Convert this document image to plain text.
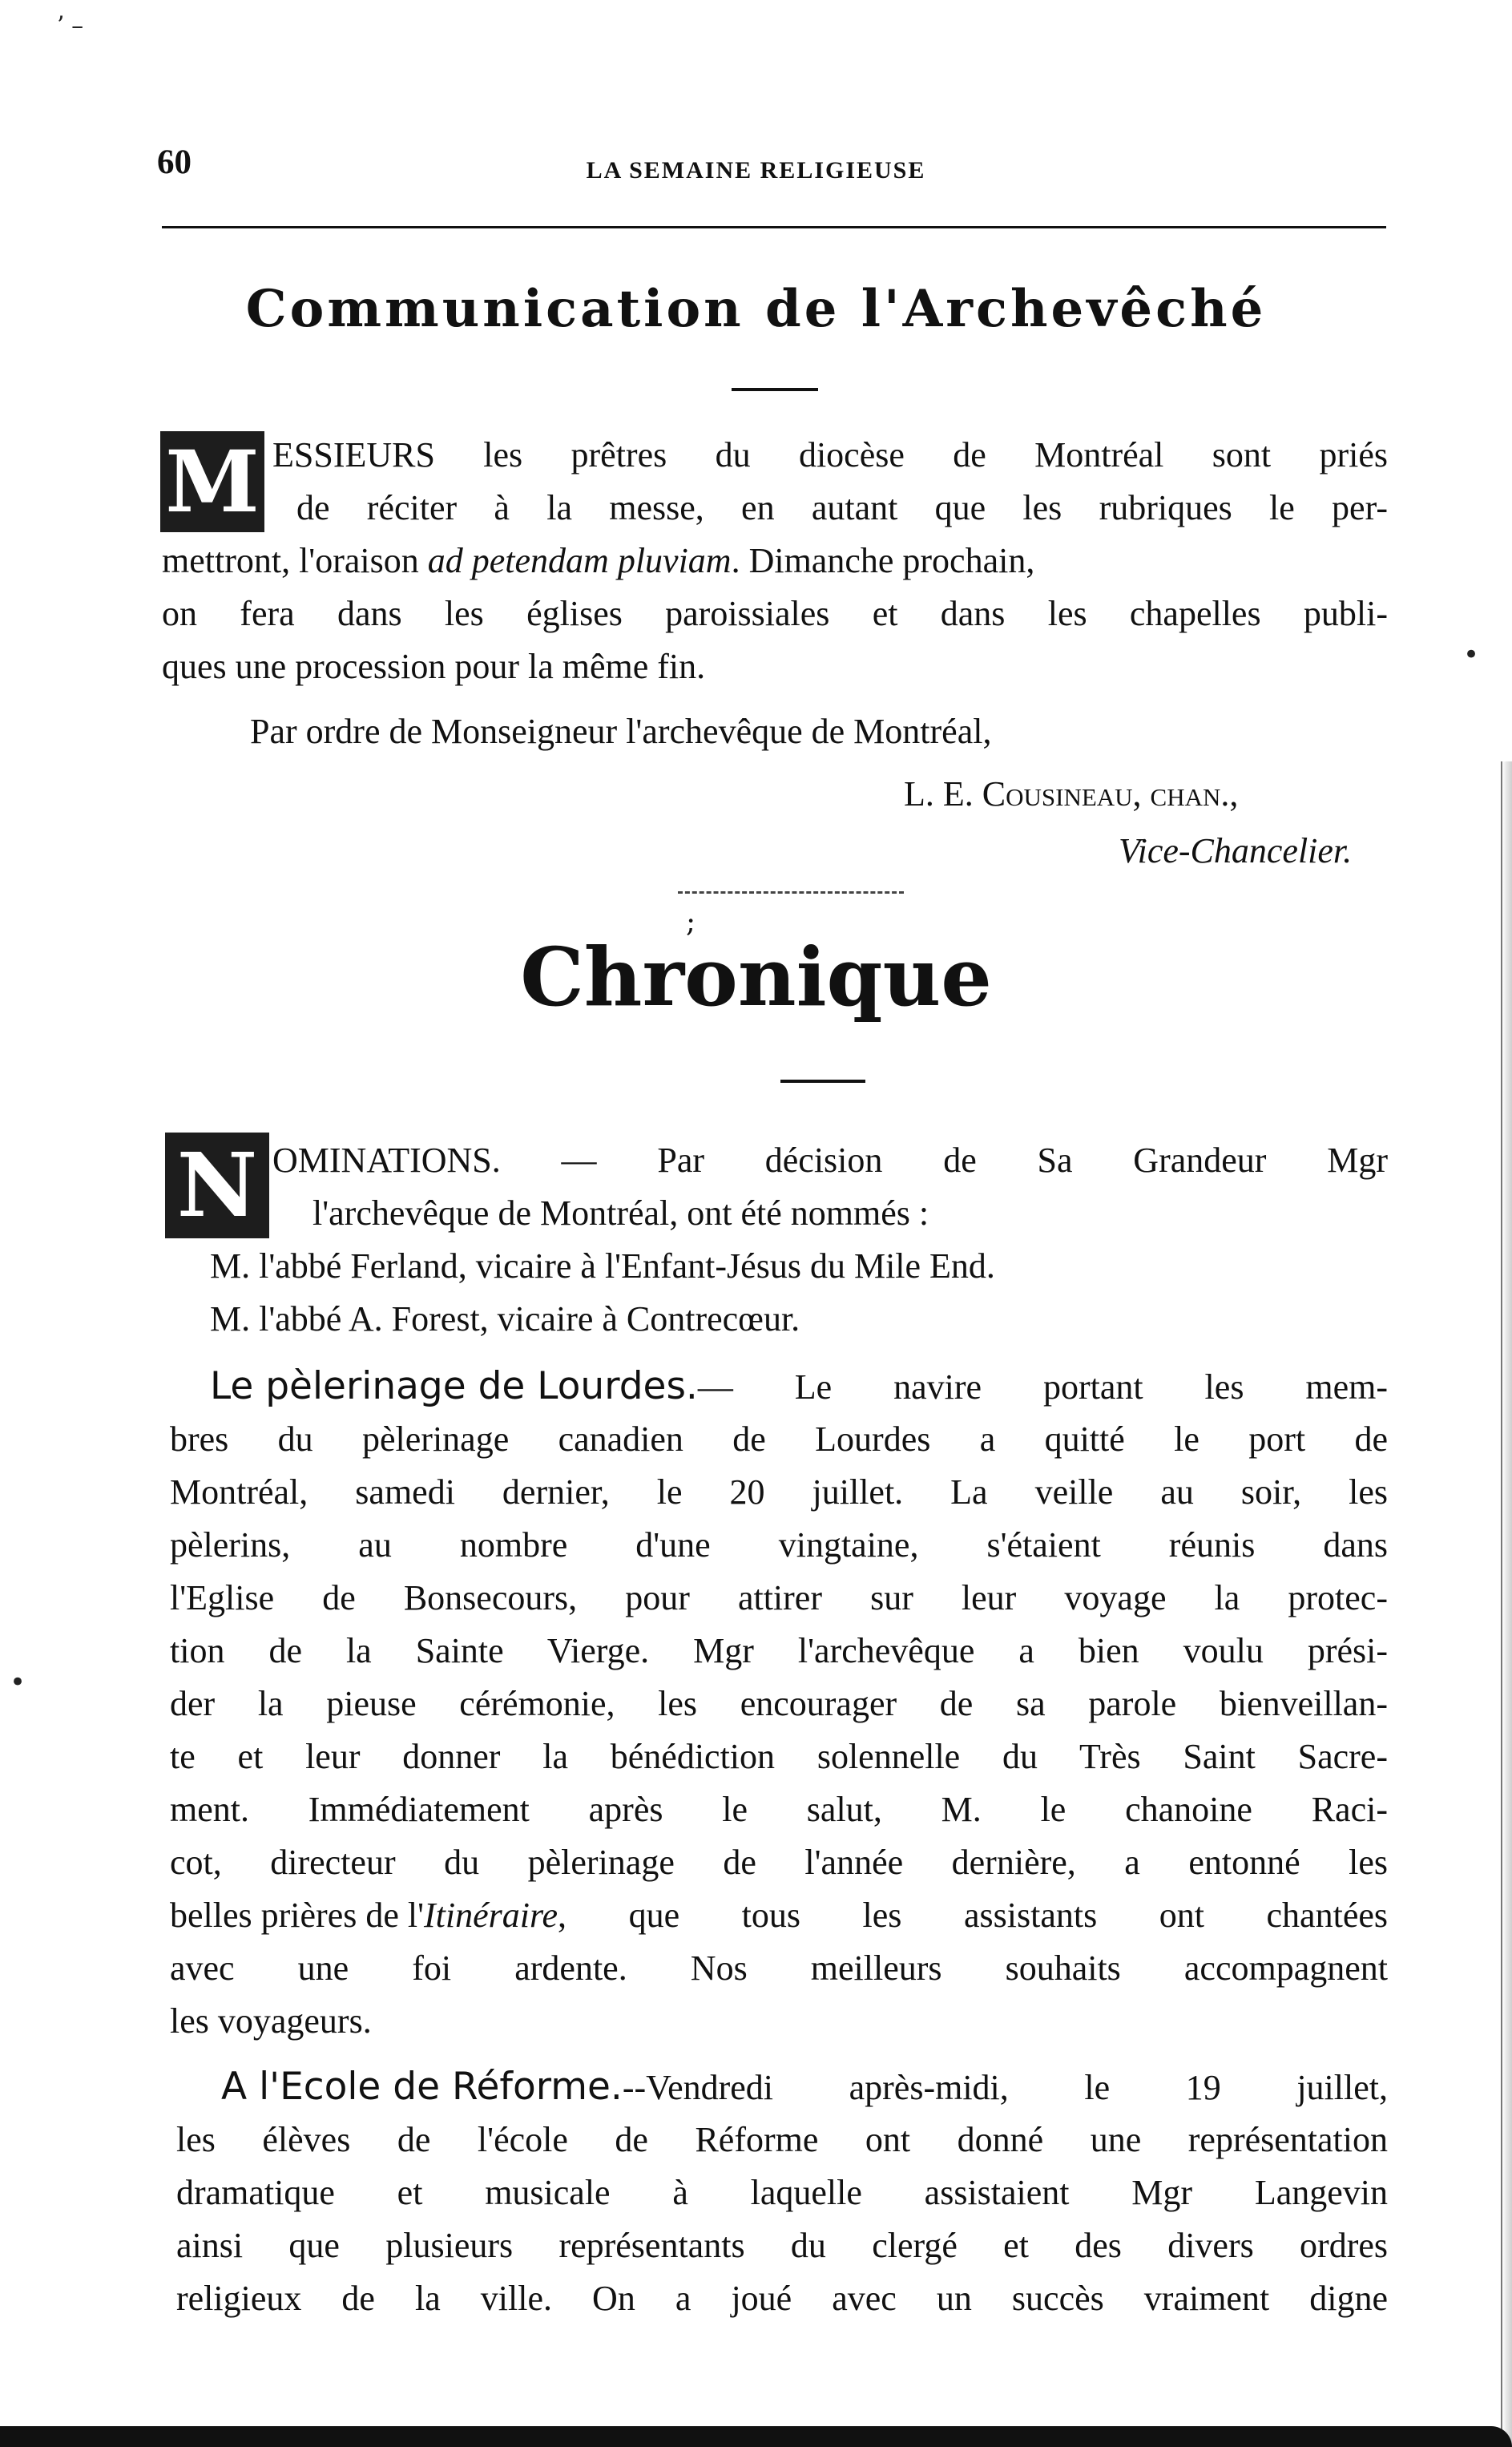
ʼ –
•
•
60	LA SEMAINE RELIGIEUSE
Communication de l'Archevêché
M ESSIEURS les prêtres du diocèse de Montréal sont priés
de réciter à la messe, en autant que les rubriques le per-
mettront, l'oraison ad petendam pluviam. Dimanche prochain,
on fera dans les églises paroissiales et dans les chapelles publi-
ques une procession pour la même fin.
Par ordre de Monseigneur l'archevêque de Montréal,
L. E. Cousineau, chan.,
Vice-Chancelier.
;
Chronique
N OMINATIONS. — Par décision de Sa Grandeur Mgr
l'archevêque de Montréal, ont été nommés :
M. l'abbé Ferland, vicaire à l'Enfant-Jésus du Mile End.
M. l'abbé A. Forest, vicaire à Contrecœur.
Le pèlerinage de Lourdes. — Le navire portant les mem-
bres du pèlerinage canadien de Lourdes a quitté le port de
Montréal, samedi dernier, le 20 juillet. La veille au soir, les
pèlerins, au nombre d'une vingtaine, s'étaient réunis dans
l'Eglise de Bonsecours, pour attirer sur leur voyage la protec-
tion de la Sainte Vierge. Mgr l'archevêque a bien voulu prési-
der la pieuse cérémonie, les encourager de sa parole bienveillan-
te et leur donner la bénédiction solennelle du Très Saint Sacre-
ment. Immédiatement après le salut, M. le chanoine Raci-
cot, directeur du pèlerinage de l'année dernière, a entonné les
belles prières de l' Itinéraire , que tous les assistants ont chantées
avec une foi ardente. Nos meilleurs souhaits accompagnent
les voyageurs.
A l'Ecole de Réforme. --Vendredi après-midi, le 19 juillet,
les élèves de l'école de Réforme ont donné une représentation
dramatique et musicale à laquelle assistaient Mgr Langevin
ainsi que plusieurs représentants du clergé et des divers ordres
religieux de la ville. On a joué avec un succès vraiment digne
